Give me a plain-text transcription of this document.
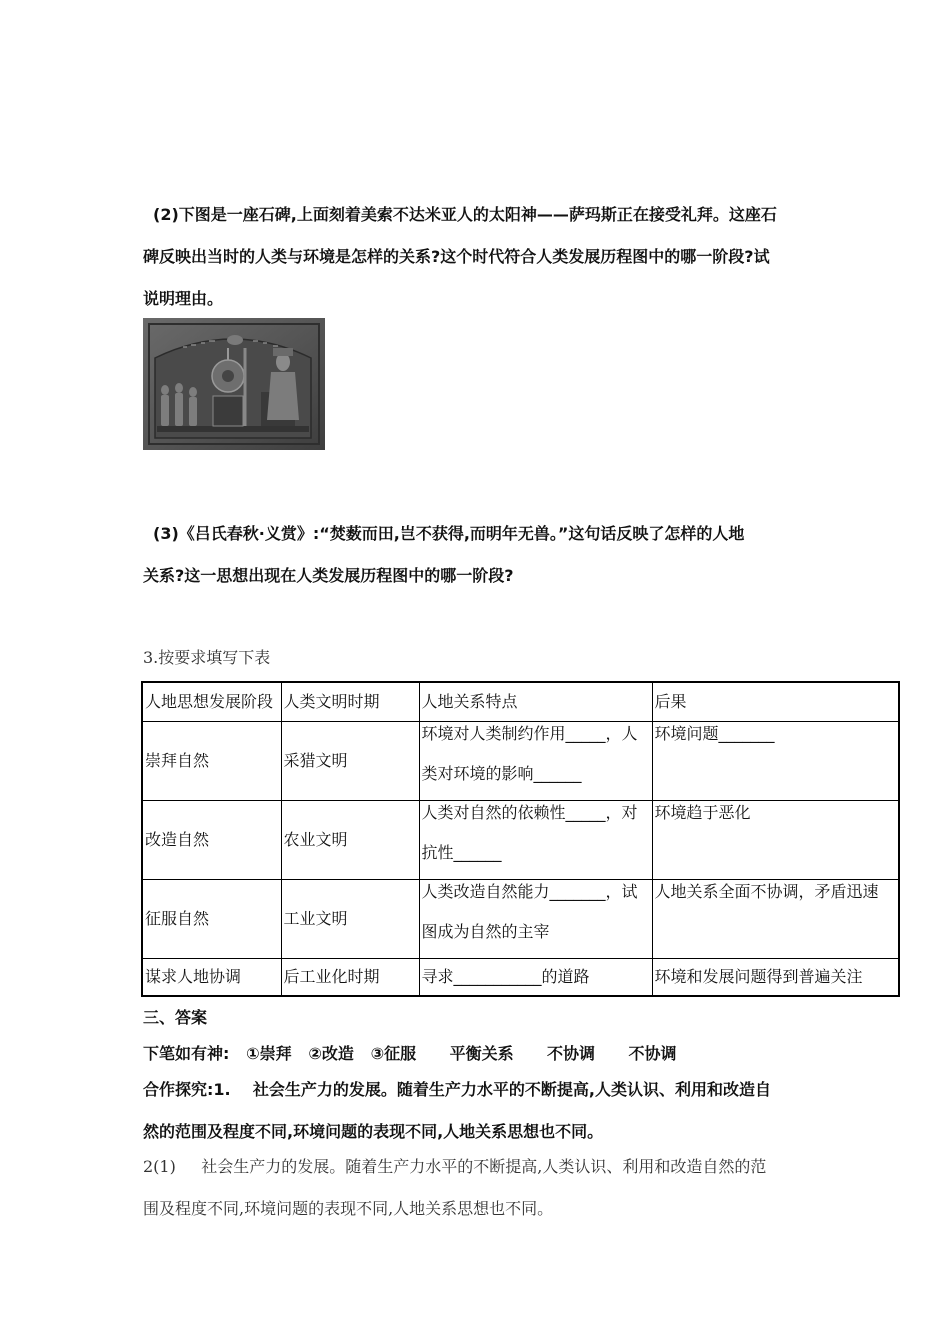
(2)下图是一座石碑,上面刻着美索不达米亚人的太阳神——萨玛斯正在接受礼拜。这座石

碑反映出当时的人类与环境是怎样的关系?这个时代符合人类发展历程图中的哪一阶段?试

说明理由。

(3)《吕氏春秋·义赏》:“焚薮而田,岂不获得,而明年无兽。”这句话反映了怎样的人地

关系?这一思想出现在人类发展历程图中的哪一阶段?

3.按要求填写下表

人地思想发展阶段	人类文明时期	人地关系特点	后果
崇拜自然	采猎文明	环境对人类制约作用_____，人
类对环境的影响______	环境问题_______

改造自然	农业文明	人类对自然的依赖性_____，对
抗性______	环境趋于恶化

征服自然	工业文明	人类改造自然能力_______，试
图成为自然的主宰	人地关系全面不协调，矛盾迅速

谋求人地协调	后工业化时期	寻求___________的道路	环境和发展问题得到普遍关注

三、答案

下笔如有神:   ①崇拜   ②改造   ③征服      平衡关系      不协调      不协调

合作探究:1.    社会生产力的发展。随着生产力水平的不断提高,人类认识、利用和改造自

然的范围及程度不同,环境问题的表现不同,人地关系思想也不同。

2(1)     社会生产力的发展。随着生产力水平的不断提高,人类认识、利用和改造自然的范

围及程度不同,环境问题的表现不同,人地关系思想也不同。
